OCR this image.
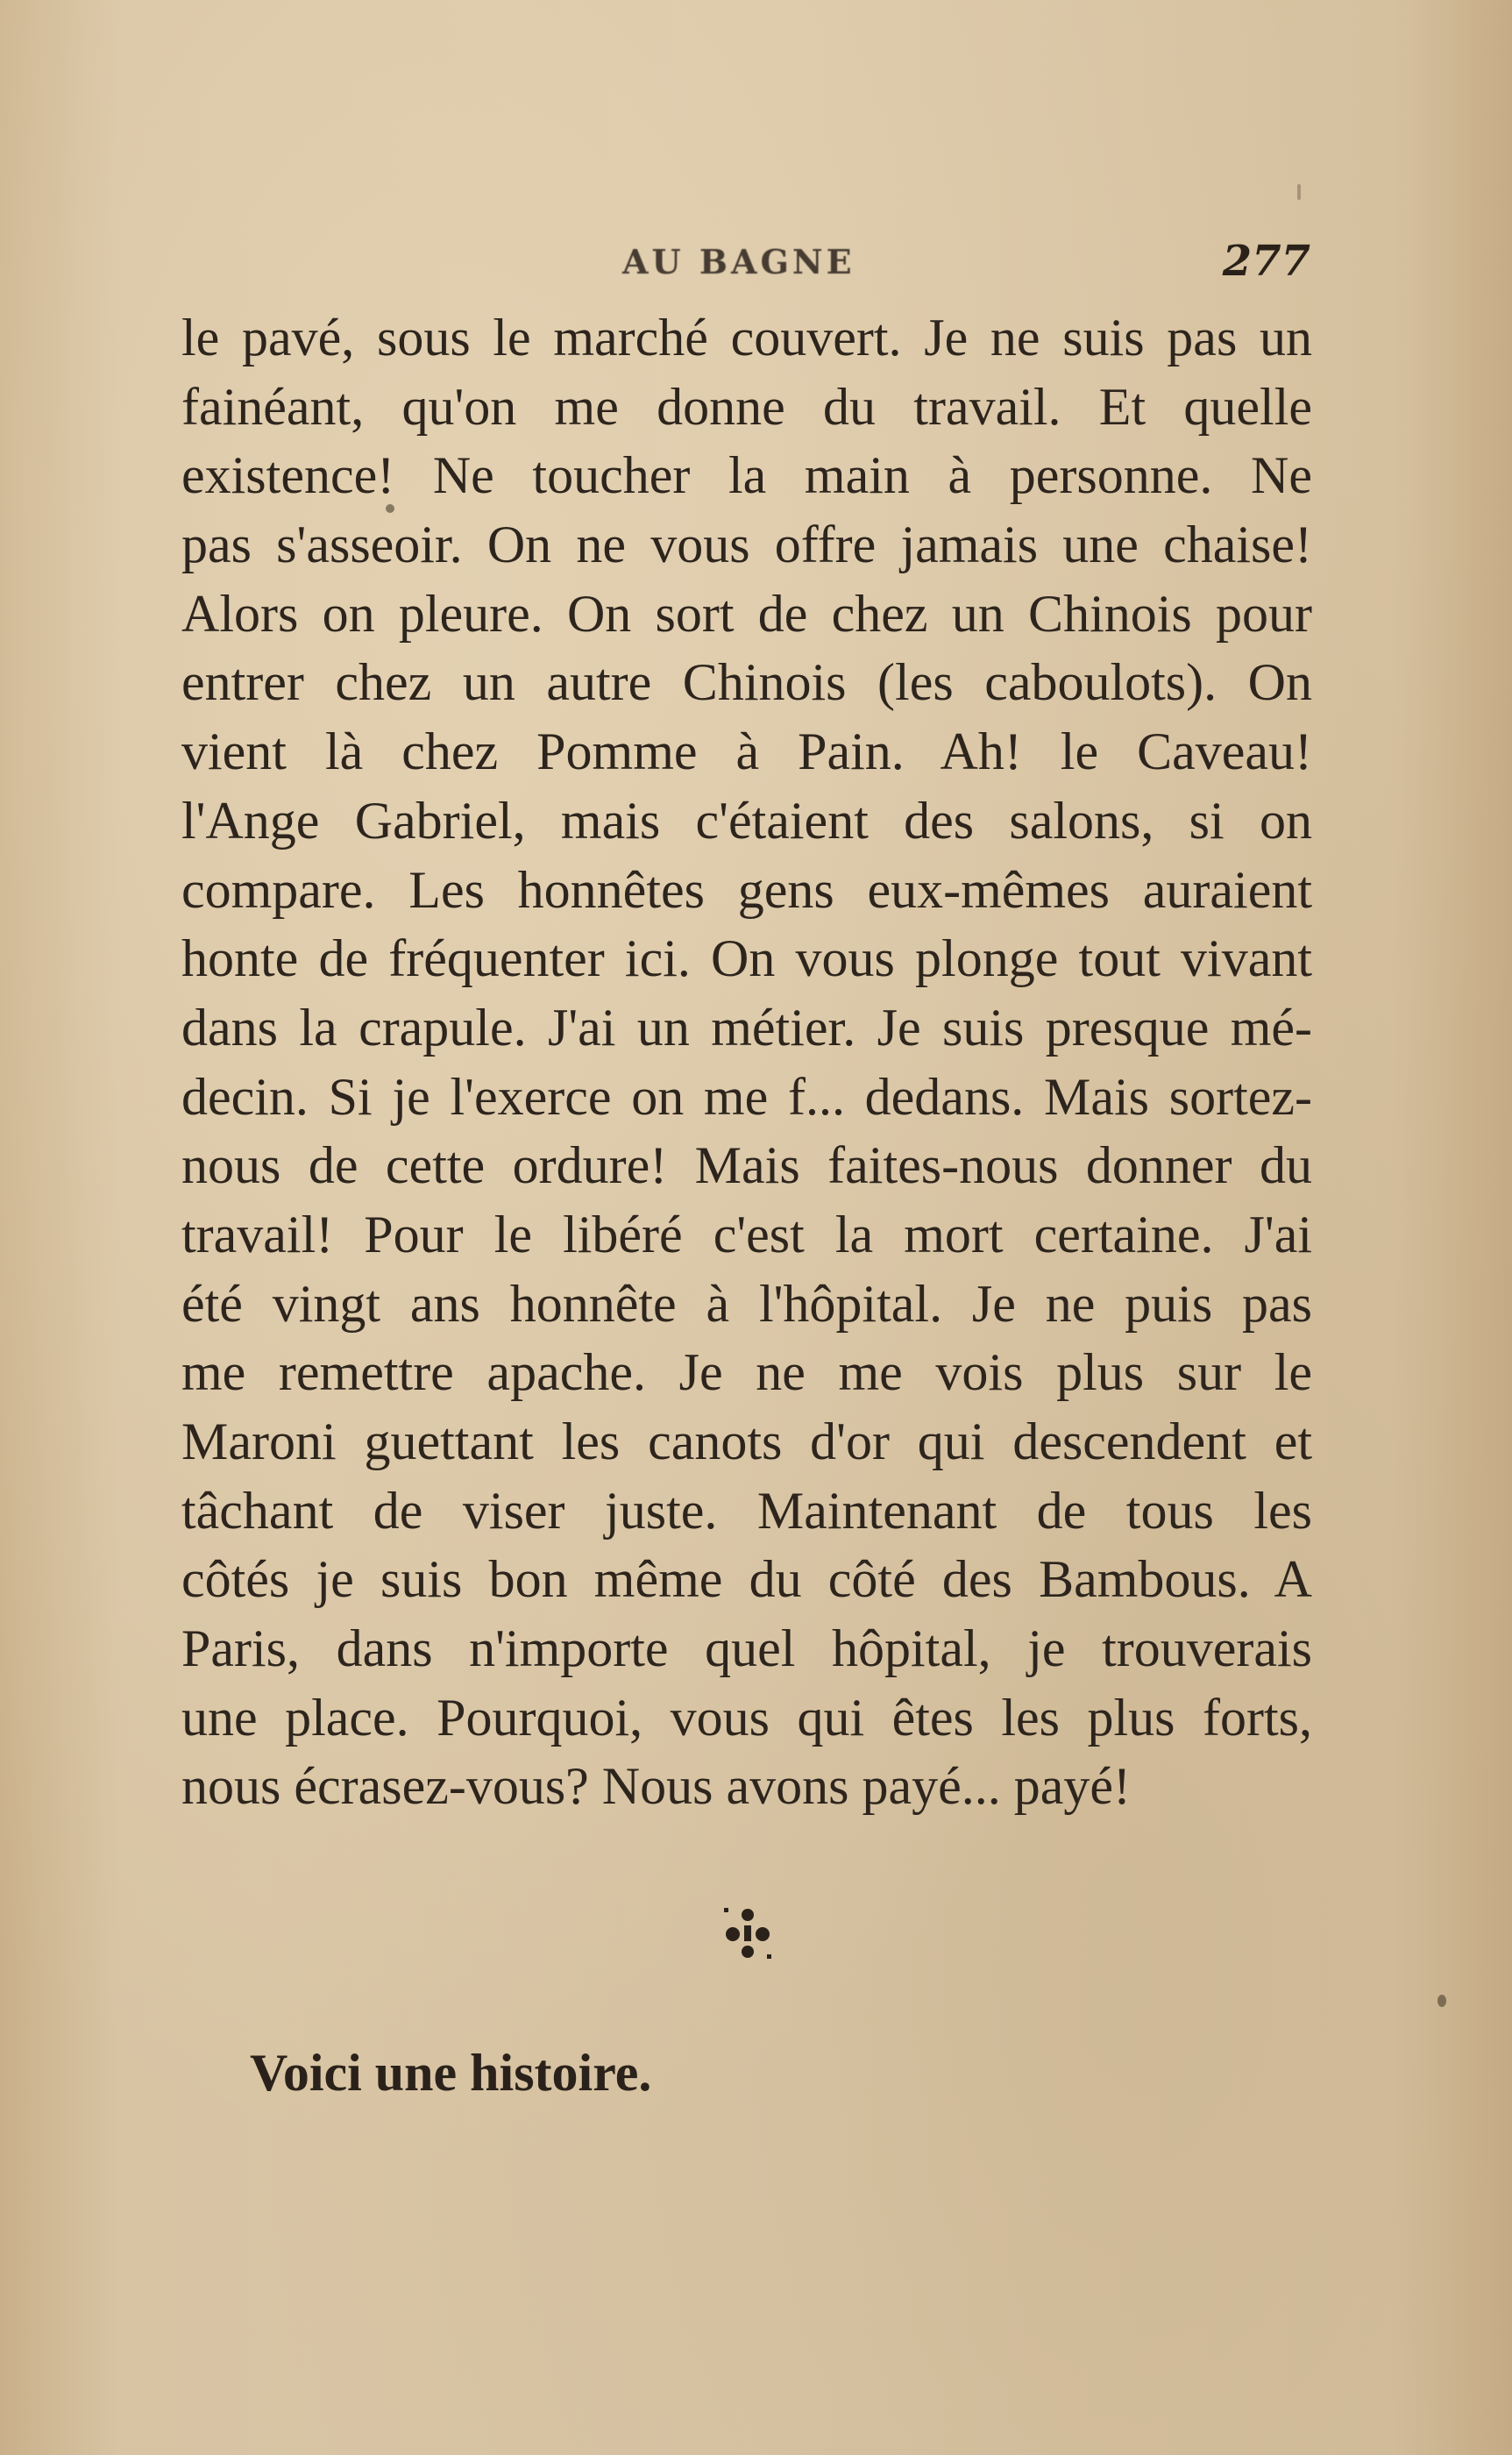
AU BAGNE	277
le pavé, sous le marché couvert. Je ne suis pas un
fainéant, qu'on me donne du travail. Et quelle
existence! Ne toucher la main à personne. Ne
pas s'asseoir. On ne vous offre jamais une chaise!
Alors on pleure. On sort de chez un Chinois pour
entrer chez un autre Chinois (les caboulots). On
vient là chez Pomme à Pain. Ah! le Caveau!
l'Ange Gabriel, mais c'étaient des salons, si on
compare. Les honnêtes gens eux-mêmes auraient
honte de fréquenter ici. On vous plonge tout vivant
dans la crapule. J'ai un métier. Je suis presque mé-
decin. Si je l'exerce on me f... dedans. Mais sortez-
nous de cette ordure! Mais faites-nous donner du
travail! Pour le libéré c'est la mort certaine. J'ai
été vingt ans honnête à l'hôpital. Je ne puis pas
me remettre apache. Je ne me vois plus sur le
Maroni guettant les canots d'or qui descendent et
tâchant de viser juste. Maintenant de tous les
côtés je suis bon même du côté des Bambous. A
Paris, dans n'importe quel hôpital, je trouverais
une place. Pourquoi, vous qui êtes les plus forts,
nous écrasez-vous? Nous avons payé... payé!
Voici une histoire.
